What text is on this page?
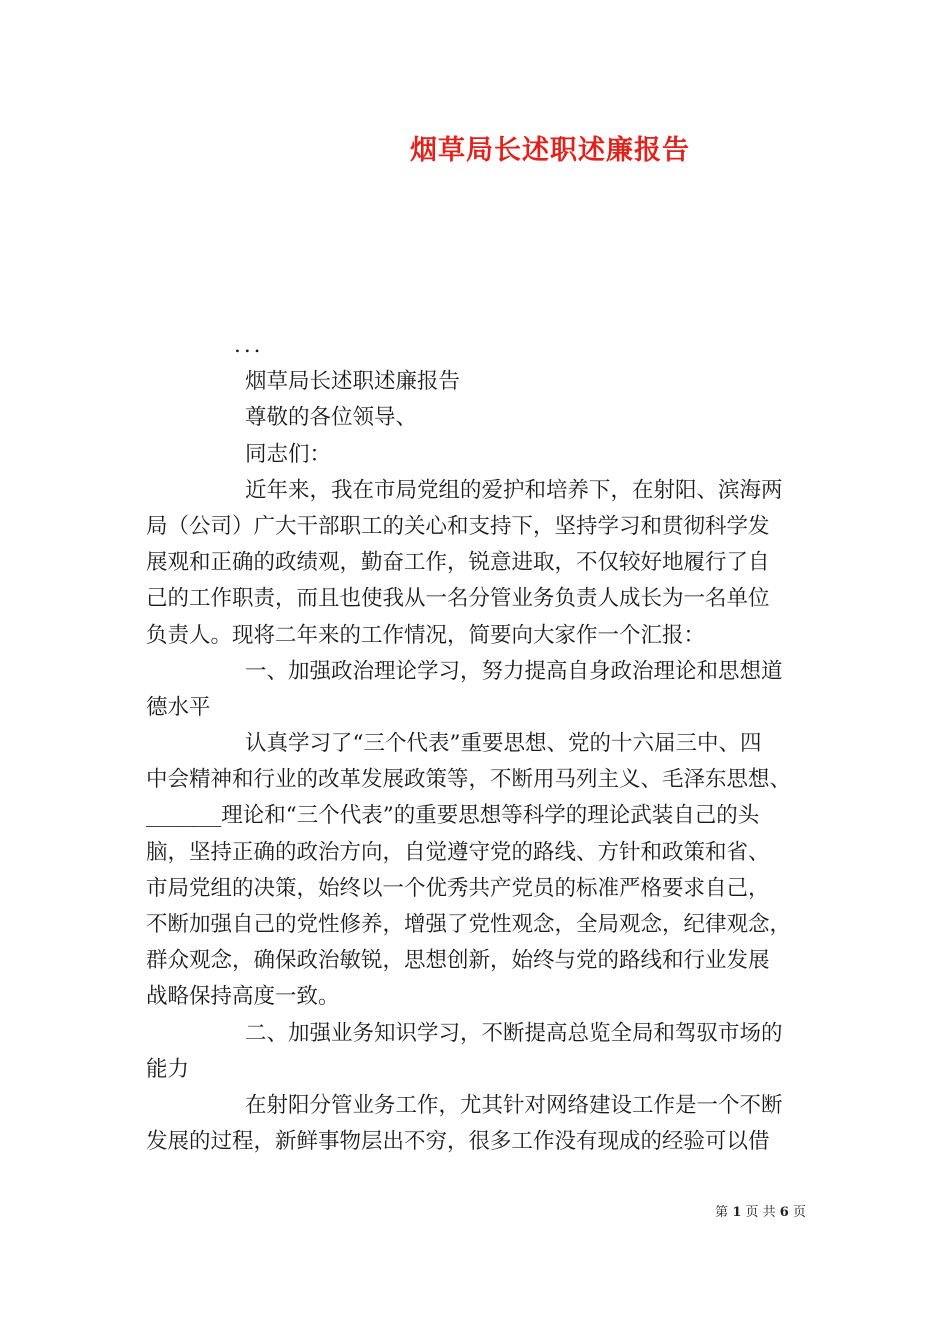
烟草局长述职述廉报告
...
烟草局长述职述廉报告
尊敬的各位领导、
同志们：
近年来，我在市局党组的爱护和培养下，在射阳、滨海两
局（公司）广大干部职工的关心和支持下，坚持学习和贯彻科学发
展观和正确的政绩观，勤奋工作，锐意进取，不仅较好地履行了自
己的工作职责，而且也使我从一名分管业务负责人成长为一名单位
负责人。现将二年来的工作情况，简要向大家作一个汇报：
一、加强政治理论学习，努力提高自身政治理论和思想道
德水平
认真学习了“三个代表”重要思想、党的十六届三中、四
中会精神和行业的改革发展政策等，不断用马列主义、毛泽东思想、
_______理论和“三个代表”的重要思想等科学的理论武装自己的头
脑，坚持正确的政治方向，自觉遵守党的路线、方针和政策和省、
市局党组的决策，始终以一个优秀共产党员的标准严格要求自己，
不断加强自己的党性修养，增强了党性观念，全局观念，纪律观念，
群众观念，确保政治敏锐，思想创新，始终与党的路线和行业发展
战略保持高度一致。
二、加强业务知识学习，不断提高总览全局和驾驭市场的
能力
在射阳分管业务工作，尤其针对网络建设工作是一个不断
发展的过程，新鲜事物层出不穷，很多工作没有现成的经验可以借
第 1 页 共 6 页
